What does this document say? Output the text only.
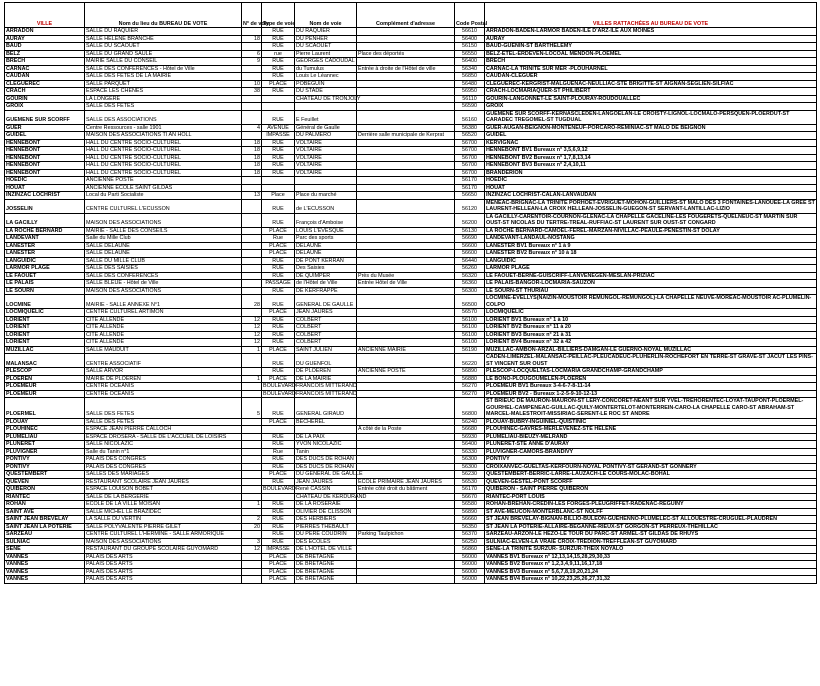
VILLE	Nom du lieu du BUREAU DE VOTE	N° de voie	Type de voie	Nom de voie	Complément d'adresse	Code Postal	VILLES RATTACHÉES AU BUREAU DE VOTE
ARRADON	SALLE DU RAQUIER		RUE	DU RAQUIER		56610	ARRADON-BADEN-LARMOR BADEN-ILE D'ARZ-ILE AUX MOINES
AURAY	SALLE HELENE BRANCHE	18	RUE	DU PENHER		56400	AURAY
BAUD	SALLE DU SCAOUET		RUE	DU SCAOUET		56150	BAUD-GUENIN-ST BARTHELEMY
BELZ	SALLE DU GRAND SAULE	6	rue	Pierre Laurent	Place des déportés	56550	BELZ-ETEL-ERDEVEN-LOCOAL MENDON-PLOEMEL
BRECH	MAIRIE SALLE DU CONSEIL	9	RUE	GEORGES CADOUDAL		56400	BRECH
CARNAC	SALLE DES CONFERENCES - Hôtel de Ville		RUE	du Tumulus	Entrée à droite de l'Hôtel de ville	56340	CARNAC-LA TRINITE SUR MER -PLOUHARNEL
CAUDAN	SALLE DES FETES DE LA MAIRIE		RUE	Louis Le Léannec		56850	CAUDAN-CLEGUER
CLEGUEREC	SALLE PARQUET	10	PLACE	POBEGUIN		56480	CLEGUEREC-KERGRIST-MALGUENAC-NEULLIAC-STE BRIGITTE-ST AIGNAN-SEGLIEN-SILFIAC
CRACH	ESPACE LES CHENES	38	RUE	DU STADE		56950	CRACH-LOCMARIAQUER-ST PHILIBERT
GOURIN	LA LONGERE			CHÂTEAU DE TRONJOLY		56110	GOURIN-LANGONNET-LE SAINT-PLOURAY-ROUDOUALLEC
GROIX	SALLE DES FETES					56590	GROIX
GUEMENE SUR SCORFF	SALLE DES ASSOCIATIONS		RUE	E Feuillet		56160	GUEMENE SUR SCORFF-KERNASCLEDEN-LANGOELAN-LE CROISTY-LIGNOL-LOCMALO-PERSQUEN-PLOERDUT-ST CARADEC TREGOMEL-ST TUGDUAL
GUER	Centre Ressources - salle 1901	4	AVENUE	Général de Gaulle		56380	GUER-AUGAN-BEIGNON-MONTENEUF-PORCARO-REMINIAC-ST MALO DE BEIGNON
GUIDEL	MAISON DES ASSOCIATIONS TI AN HOLL		IMPASSE	DU PALMERO	Derrière salle municipale de Kerprat	56520	GUIDEL
HENNEBONT	HALL DU CENTRE SOCIO-CULTUREL	18	RUE	VOLTAIRE		56700	KERVIGNAC
HENNEBONT	HALL DU CENTRE SOCIO-CULTUREL	18	RUE	VOLTAIRE		56700	HENNEBONT BV1 Bureaux n° 3,5,6,9,12
HENNEBONT	HALL DU CENTRE SOCIO-CULTUREL	18	RUE	VOLTAIRE		56700	HENNEBONT BV2 Bureaux n° 1,7,8,13,14
HENNEBONT	HALL DU CENTRE SOCIO-CULTUREL	18	RUE	VOLTAIRE		56700	HENNEBONT BV3 Bureaux n° 2,4,10,11
HENNEBONT	HALL DU CENTRE SOCIO-CULTUREL	18	RUE	VOLTAIRE		56700	BRANDERION
HOEDIC	ANCIENNE POSTE					56170	HOEDIC
HOUAT	ANCIENNE ECOLE SAINT GILDAS					56170	HOUAT
INZINZAC LOCHRIST	Local du Parti Socialiste	13	Place	Place du marché		56650	INZINZAC LOCHRIST-CALAN-LANVAUDAN
JOSSELIN	CENTRE CULTUREL L'ECUSSON		RUE	de L'ECUSSON		56120	MENEAC-BRIGNAC-LA TRINITE PORHOET-EVRIGUET-MOHON-GUILLIERS-ST MALO DES 3 FONTAINES-LANOUEE-LA GREE ST LAURENT-HELLEAN-LA CROIX HELLEAN-JOSSELIN-GUEGON-ST SERVANT-LANTILLAC-LIZIO
LA GACILLY	MAISON DES ASSOCIATIONS		RUE	François d'Amboise		56200	LA GACILLY-CARENTOIR-COURNON-GLENAC-LA CHAPELLE GACELINE-LES FOUGERETS-QUELNEUC-ST MARTIN SUR OUST-ST NICOLAS DU TERTRE-TREAL-RUFFIAC-ST LAURENT SUR OUST-ST CONGARD
LA ROCHE BERNARD	MAIRIE - SALLE DES CONSEILS		PLACE	LOUIS L'EVESQUE		56130	LA ROCHE BERNARD-CAMOEL-FEREL-MARZAN-NIVILLAC-PEAULE-PENESTIN-ST DOLAY
LANDEVANT	Salle du Mille Club		Rue	Parc des sports		56690	LANDEVANT-LANDAUL-NOSTANG
LANESTER	SALLE DELAUNE		PLACE	DELAUNE		56600	LANESTER BV1 Bureaux n° 1 à 9
LANESTER	SALLE DELAUNE		PLACE	DELAUNE		56600	LANESTER BV2 Bureaux n° 10 à 18
LANGUIDIC	SALLE DU MILLE CLUB		RUE	DE PONT KERRAN		56440	LANGUIDIC
LARMOR PLAGE	SALLE DES SAISIES		RUE	Des Saisies		56260	LARMOR PLAGE
LE FAOUET	SALLE DES CONFERENCES		RUE	DE QUIMPER	Près du Musée	56320	LE FAOUET-BERNE-GUISCRIFF-LANVENEGEN-MESLAN-PRIZIAC
LE PALAIS	SALLE BLEUE - Hôtel de Ville		PASSAGE	de l'Hôtel de Ville	Entrée Hôtel de Ville	56360	LE PALAIS-BANGOR-LOCMARIA-SAUZON
LE SOURN	MAISON DES ASSOCIATIONS		RUE	DE KERFRAPPE		56300	LE SOURN-ST THURIAU
LOCMINE	MAIRIE - SALLE ANNEXE N°1	28	RUE	GENERAL DE GAULLE		56500	LOCMINE-EVELLYS(NAIZIN-MOUSTOIR REMUNGOL-REMUNGOL)-LA CHAPELLE NEUVE-MOREAC-MOUSTOIR AC-PLUMELIN-COLPO
LOCMIQUELIC	CENTRE CULTUREL ARTIMON		PLACE	JEAN JAURES		56570	LOCMIQUELIC
LORIENT	CITE ALLENDE	12	RUE	COLBERT		56100	LORIENT BV1 Bureaux n° 1 à 10
LORIENT	CITE ALLENDE	12	RUE	COLBERT		56100	LORIENT BV2 Bureaux n° 11 à 20
LORIENT	CITE ALLENDE	12	RUE	COLBERT		56100	LORIENT BV3 Bureaux n° 21 à 31
LORIENT	CITE ALLENDE	12	RUE	COLBERT		56100	LORIENT BV4 Bureaux n° 32 à 42
MUZILLAC	SALLE MAUDUIT	1	PLACE	SAINT JULIEN	ANCIENNE MAIRIE	56190	MUZILLAC-AMBON-ARZAL-BILLIERS-DAMGAN-LE GUERNO-NOYAL MUZILLAC
MALANSAC	CENTRE ASSOCIATIF		RUE	DU GUENFOL		56220	CADEN-LIMERZEL-MALANSAC-PEILLAC-PLEUCADEUC-PLUHERLIN-ROCHEFORT EN TERRE-ST GRAVE-ST JACUT LES PINS-ST VINCENT SUR OUST
PLESCOP	SALLE ARVOR		RUE	DE PLOEREN	ANCIENNE POSTE	56890	PLESCOP-LOCQUELTAS-LOCMARIA GRANDCHAMP-GRANDCHAMP
PLOEREN	MAIRIE DE PLOEREN	1	PLACE	DE LA MAIRIE		56880	LE BONO-PLOUGOUMELEN-PLOEREN
PLOEMEUR	CENTRE OCEANIS		BOULEVARD	FRANCOIS MITTERAND		56270	PLOEMEUR BV1 Bureaux 3-4-6-7-8-11-14
PLOEMEUR	CENTRE OCEANIS		BOULEVARD	FRANCOIS MITTERAND		56270	PLOEMEUR BV2 - Bureaux 1-2-5-9-10-12-13
PLOERMEL	SALLE DES FETES	5	RUE	GENERAL GIRAUD		56800	ST BRIEUC DE MAURON-MAURON-ST LERY-CONCORET-NEANT SUR YVEL-TREHORENTEC-LOYAT-TAUPONT-PLOERMEL-GOURHEL-CAMPENEAC-GUILLAC-QUILY-MONTERTELOT-MONTERREIN-CARO-LA CHAPELLE CARO-ST ABRAHAM-ST MARCEL-MALESTROIT-MISSIRIAC-SERENT-LE ROC ST ANDRE
PLOUAY	SALLE DES FETES		PLACE	BECHEREL		56240	PLOUAY-BUBRY-INGUINIEL-QUISTINIC
PLOUHINEC	ESPACE JEAN PIERRE CALLOCH				A côté de la Poste	56680	PLOUHINEC-GAVRES-MERLEVENEZ-STE HELENE
PLUMELIAU	ESPACE DROSERA - SALLE DE L'ACCUEIL DE LOISIRS		RUE	DE LA PAIX		56930	PLUMELIAU-BIEUZY-MELRAND
PLUNERET	SALLE NICOLAZIC		RUE	YVON NICOLAZIC		56400	PLUNERET-STE ANNE D'AURAY
PLUVIGNER	Salle du Tanin n°1		Rue	Tanin		56330	PLUVIGNER-CAMORS-BRANDIVY
PONTIVY	PALAIS DES CONGRES		RUE	DES DUCS DE ROHAN		56300	PONTIVY
PONTIVY	PALAIS DES CONGRES		RUE	DES DUCS DE ROHAN		56300	CROIXANVEC-GUELTAS-KERFOURN-NOYAL PONTIVY-ST GERAND-ST GONNERY
QUESTEMBERT	SALLES DES MARIAGES		PLACE	DU GENERAL DE GAULLE		56230	QUESTEMBERT-BERRIC-LARRE-LAUZACH-LE COURS-MOLAC-BOHAL
QUEVEN	RESTAURANT SCOLAIRE JEAN JAURES		RUE	JEAN JAURES	ECOLE PRIMAIRE JEAN JAURES	56530	QUEVEN-GESTEL-PONT SCORFF
QUIBERON	ESPACE LOUISON BOBET		BOULEVARD	René CASSIN	Entrée côté droit du bâtiment	56170	QUIBERON - SAINT PIERRE QUIBERON
RIANTEC	SALLE DE LA BERGERIE			CHÂTEAU DE KERDURAND		56670	RIANTEC-PORT LOUIS
ROHAN	ECOLE DE LA VILLE MOISAN	1	RUE	DE LA ROSERAIE		56580	ROHAN-BREHAN-CREDIN-LES FORGES-PLEUGRIFFET-RADENAC-REGUINY
SAINT AVE	SALLE MICHEL LE BRAZIDEC		RUE	OLIVIER DE CLISSON		56890	ST AVE-MEUCON-MONTERBLANC-ST NOLFF
SAINT JEAN BREVELAY	LA SALLE DU VERTIN	2	RUE	DES HERBIERS		56660	ST JEAN BREVELAY-BIGNAN-BILLIO-BULEON-GUEHENNO-PLUMELEC-ST ALLOUESTRE-CRUGUEL-PLAUDREN
SAINT JEAN LA POTERIE	SALLE POLYVALENTE PIERRE GILET	20	RUE	PIERRES THEBAULT		56350	ST JEAN LA POTERIE-ALLAIRE-BEGANNE-RIEUX-ST GORGON-ST PERREUX-THEHILLAC
SARZEAU	CENTRE CULTUREL L'HERMINE - SALLE ARMORIQUE		RUE	DU PÈRE COUDRIN	Parking Taulpichon	56370	SARZEAU-ARZON-LE HEZO-LE TOUR DU PARC-ST ARMEL-ST GILDAS DE RHUYS
SULNIAC	MAISON DES ASSOCIATIONS	3	RUE	DES ECOLES		56250	SULNIAC-ELVEN-LA VRAIE CROIX-TREDION-TREFFLEAN-ST GUYOMARD
SENE	RESTAURANT DU GROUPE SCOLAIRE GUYOMARD	12	IMPASSE	DE L'HÔTEL DE VILLE		56860	SENE-LA TRINITE SURZUR- SURZUR-THEIX NOYALO
VANNES	PALAIS DES ARTS		PLACE	DE BRETAGNE		56000	VANNES BV1 Bureaux n° 12,13,14,15,28,29,30,33
VANNES	PALAIS DES ARTS		PLACE	DE BRETAGNE		56000	VANNES BV2 Bureaux n° 1,2,3,4,9,11,16,17,18
VANNES	PALAIS DES ARTS		PLACE	DE BRETAGNE		56000	VANNES BV3 Bureaux n° 5,6,7,8,19,20,21,24
VANNES	PALAIS DES ARTS		PLACE	DE BRETAGNE		56000	VANNES BV4 Bureaux n° 10,22,23,25,26,27,31,32
